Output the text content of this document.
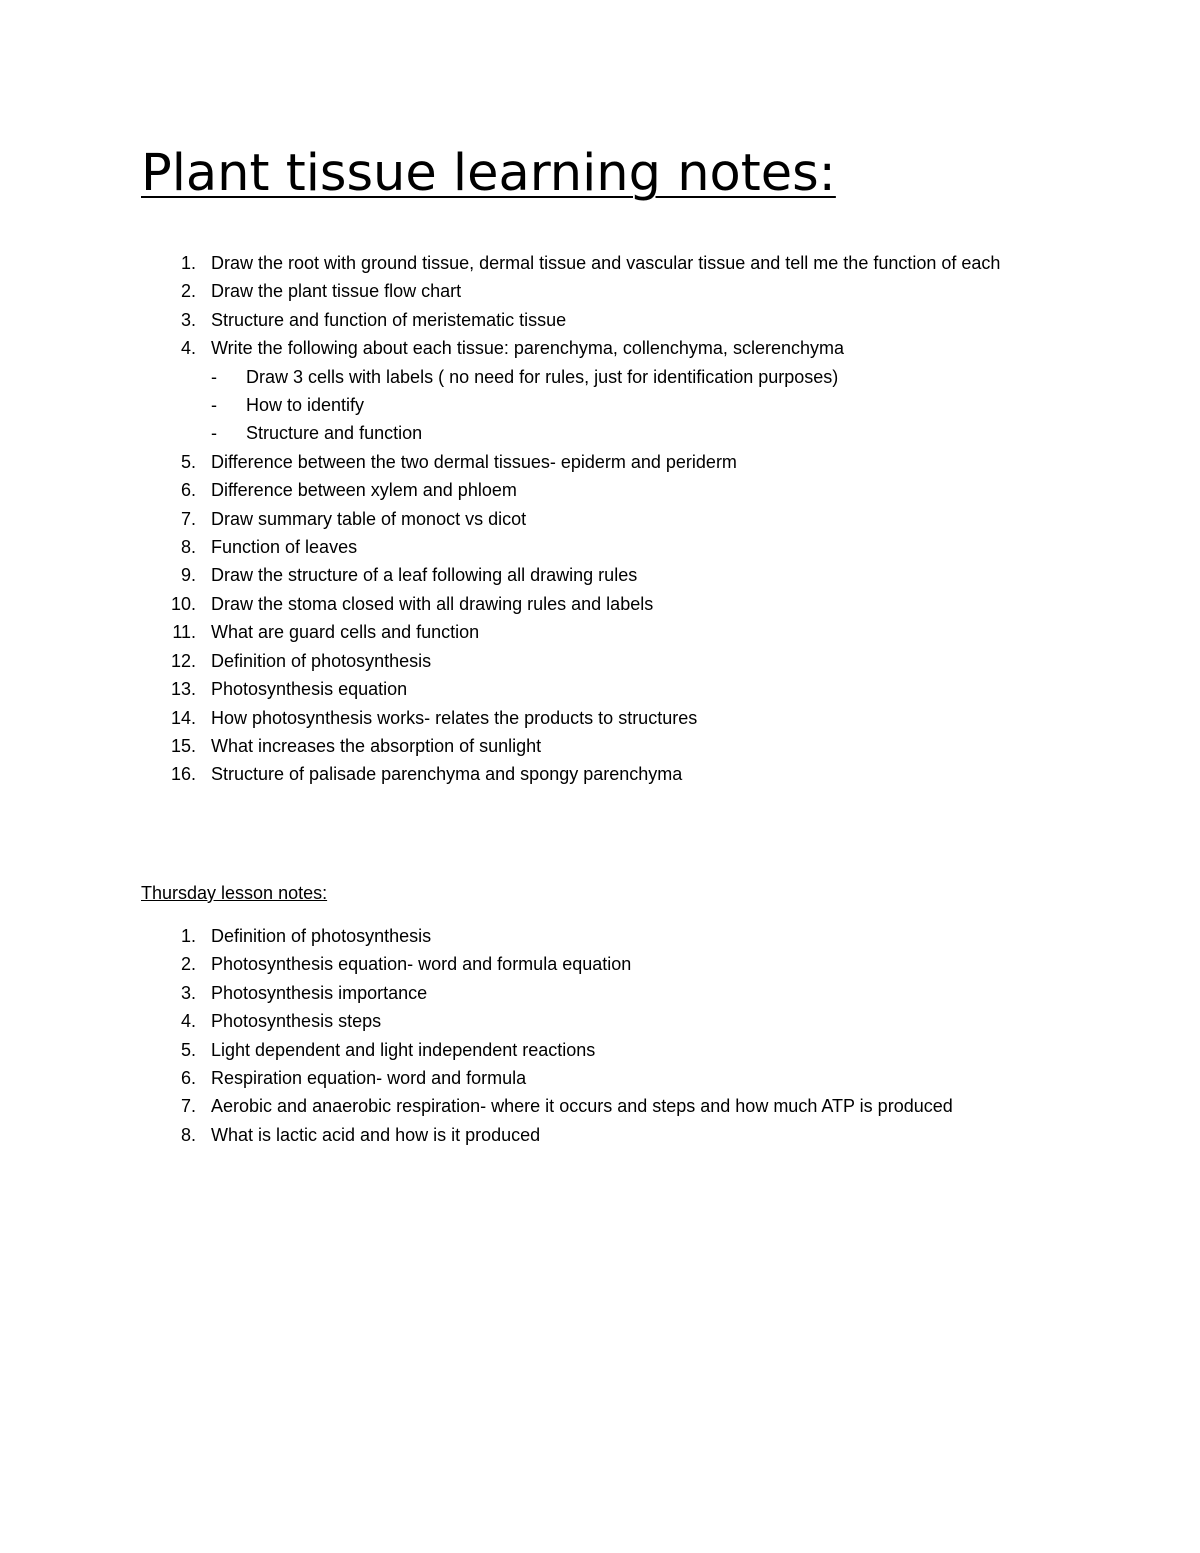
Plant tissue learning notes:
1. Draw the root with ground tissue, dermal tissue and vascular tissue and tell me the function of each
2. Draw the plant tissue flow chart
3. Structure and function of meristematic tissue
4. Write the following about each tissue: parenchyma, collenchyma, sclerenchyma
- Draw 3 cells with labels ( no need for rules, just for identification purposes)
- How to identify
- Structure and function
5. Difference between the two dermal tissues- epiderm and periderm
6. Difference between xylem and phloem
7. Draw summary table of monoct vs dicot
8. Function of leaves
9. Draw the structure of a leaf following all drawing rules
10. Draw the stoma closed with all drawing rules and labels
11. What are guard cells and function
12. Definition of photosynthesis
13. Photosynthesis equation
14. How photosynthesis works- relates the products to structures
15. What increases the absorption of sunlight
16. Structure of palisade parenchyma and spongy parenchyma
Thursday lesson notes:
1. Definition of photosynthesis
2. Photosynthesis equation- word and formula equation
3. Photosynthesis importance
4. Photosynthesis steps
5. Light dependent and light independent reactions
6. Respiration equation- word and formula
7. Aerobic and anaerobic respiration- where it occurs and steps and how much ATP is produced
8. What is lactic acid and how is it produced
